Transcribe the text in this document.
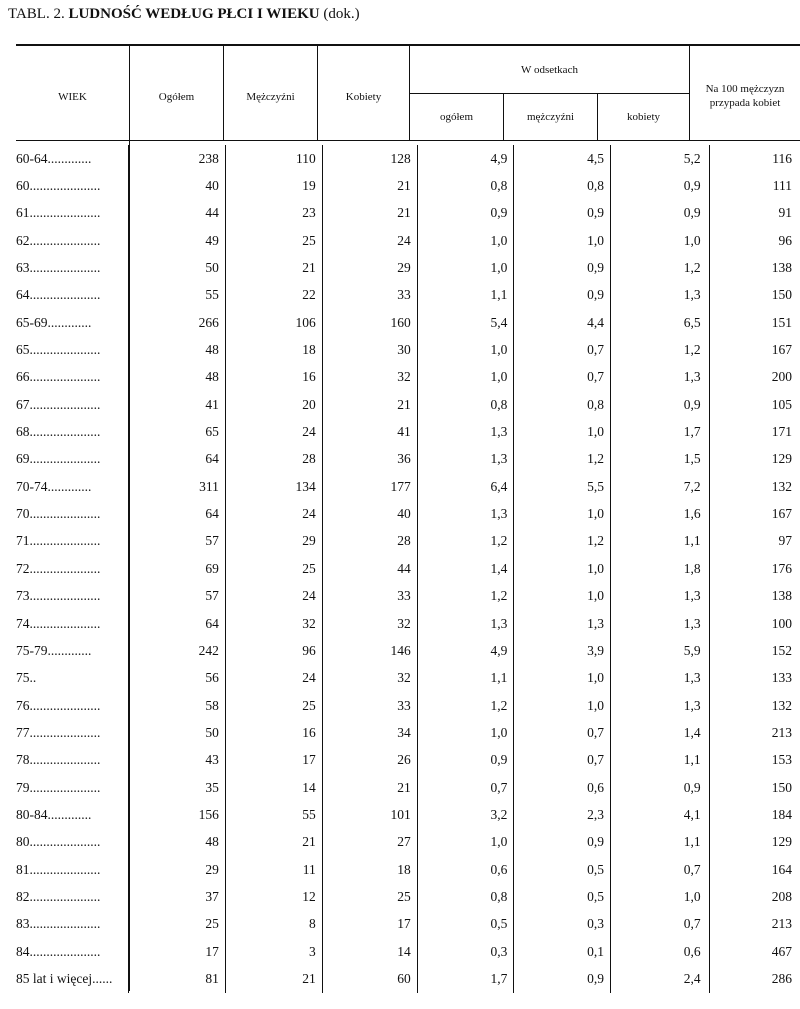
TABL. 2. LUDNOŚĆ WEDŁUG PŁCI I WIEKU (dok.)
WIEK	Ogółem	Mężczyźni	Kobiety
W odsetkach
ogółem	mężczyźni	kobiety
Na 100 mężczyzn
przypada kobiet
60-64.............	238	110	128	4,9	4,5	5,2	116
60.....................	40	19	21	0,8	0,8	0,9	111
61.....................	44	23	21	0,9	0,9	0,9	91
62.....................	49	25	24	1,0	1,0	1,0	96
63.....................	50	21	29	1,0	0,9	1,2	138
64.....................	55	22	33	1,1	0,9	1,3	150
65-69.............	266	106	160	5,4	4,4	6,5	151
65.....................	48	18	30	1,0	0,7	1,2	167
66.....................	48	16	32	1,0	0,7	1,3	200
67.....................	41	20	21	0,8	0,8	0,9	105
68.....................	65	24	41	1,3	1,0	1,7	171
69.....................	64	28	36	1,3	1,2	1,5	129
70-74.............	311	134	177	6,4	5,5	7,2	132
70.....................	64	24	40	1,3	1,0	1,6	167
71.....................	57	29	28	1,2	1,2	1,1	97
72.....................	69	25	44	1,4	1,0	1,8	176
73.....................	57	24	33	1,2	1,0	1,3	138
74.....................	64	32	32	1,3	1,3	1,3	100
75-79.............	242	96	146	4,9	3,9	5,9	152
75..	56	24	32	1,1	1,0	1,3	133
76.....................	58	25	33	1,2	1,0	1,3	132
77.....................	50	16	34	1,0	0,7	1,4	213
78.....................	43	17	26	0,9	0,7	1,1	153
79.....................	35	14	21	0,7	0,6	0,9	150
80-84.............	156	55	101	3,2	2,3	4,1	184
80.....................	48	21	27	1,0	0,9	1,1	129
81.....................	29	11	18	0,6	0,5	0,7	164
82.....................	37	12	25	0,8	0,5	1,0	208
83.....................	25	8	17	0,5	0,3	0,7	213
84.....................	17	3	14	0,3	0,1	0,6	467
85 lat i więcej......	81	21	60	1,7	0,9	2,4	286
